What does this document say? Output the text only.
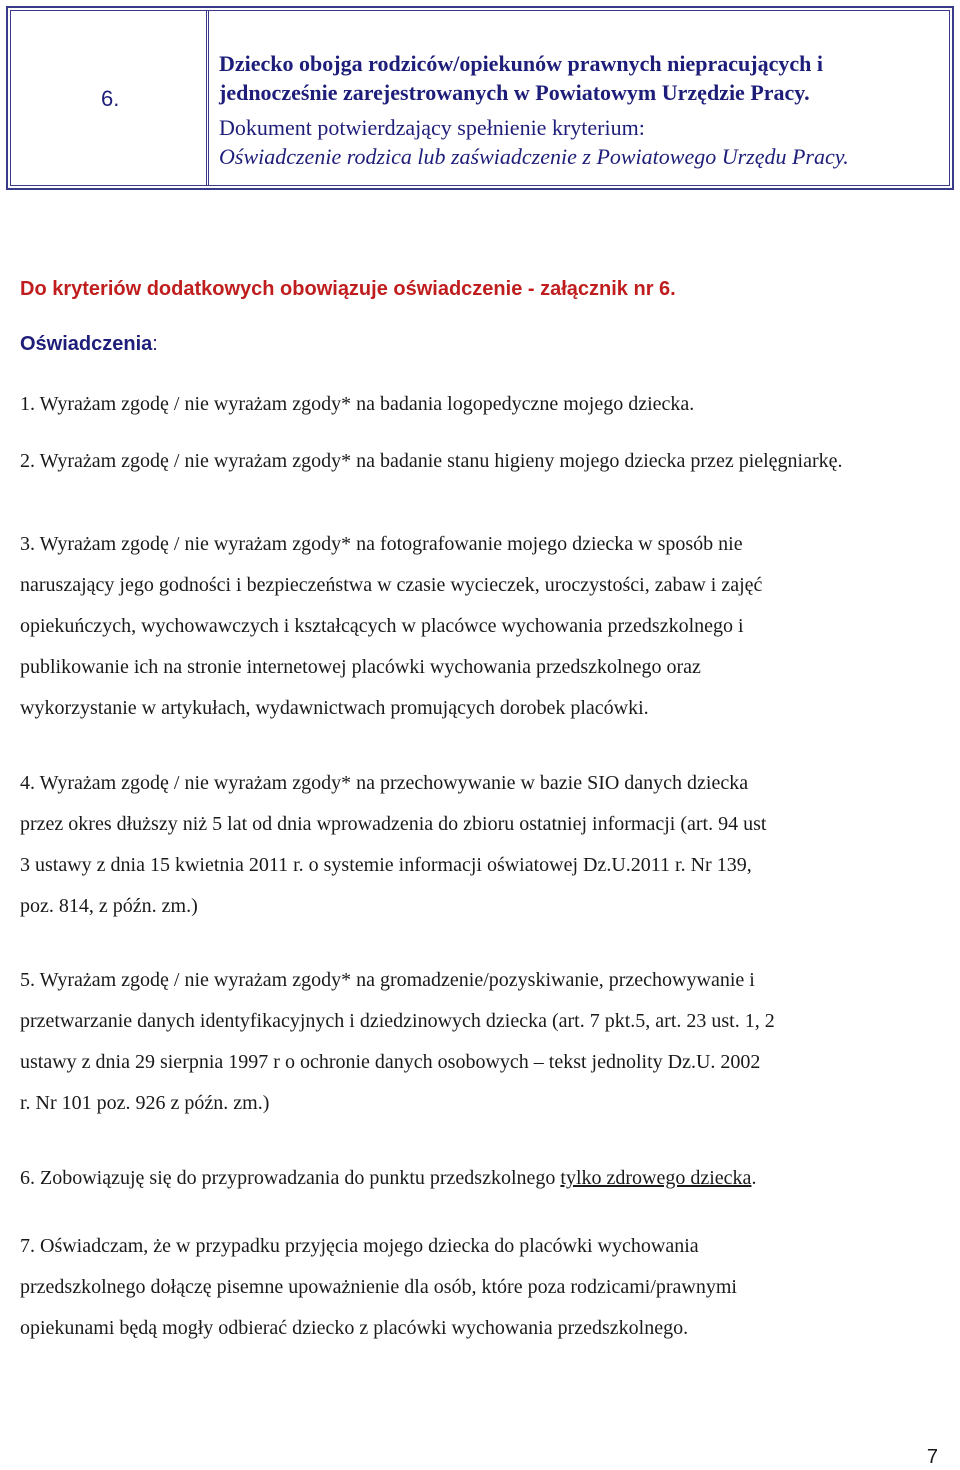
6.
Dziecko obojga rodziców/opiekunów prawnych niepracujących i
jednocześnie zarejestrowanych w Powiatowym Urzędzie Pracy.
Dokument potwierdzający spełnienie kryterium:
Oświadczenie rodzica lub zaświadczenie z Powiatowego Urzędu Pracy.
Do kryteriów dodatkowych obowiązuje oświadczenie - załącznik nr 6.
Oświadczenia:
1. Wyrażam zgodę / nie wyrażam zgody* na badania logopedyczne mojego dziecka.
2. Wyrażam zgodę / nie wyrażam zgody* na badanie stanu higieny mojego dziecka przez pielęgniarkę.
3. Wyrażam zgodę / nie wyrażam zgody* na fotografowanie mojego dziecka w sposób nie
naruszający jego godności i bezpieczeństwa w czasie wycieczek, uroczystości, zabaw i zajęć
opiekuńczych, wychowawczych i kształcących w placówce wychowania przedszkolnego i
publikowanie ich na stronie internetowej placówki wychowania przedszkolnego oraz
wykorzystanie w artykułach, wydawnictwach promujących dorobek placówki.
4. Wyrażam zgodę / nie wyrażam zgody* na przechowywanie w bazie SIO danych dziecka
przez okres dłuższy niż 5 lat od dnia wprowadzenia do zbioru ostatniej informacji (art. 94 ust
3 ustawy z dnia 15 kwietnia 2011 r. o systemie informacji oświatowej Dz.U.2011 r. Nr 139,
poz. 814, z późn. zm.)
5. Wyrażam zgodę / nie wyrażam zgody* na gromadzenie/pozyskiwanie, przechowywanie i
przetwarzanie danych identyfikacyjnych i dziedzinowych dziecka (art. 7 pkt.5, art. 23 ust. 1, 2
ustawy z dnia 29 sierpnia 1997 r o ochronie danych osobowych – tekst jednolity Dz.U. 2002
r. Nr 101 poz. 926 z późn. zm.)
6. Zobowiązuję się do przyprowadzania do punktu przedszkolnego tylko zdrowego dziecka.
7. Oświadczam, że w przypadku przyjęcia mojego dziecka do placówki wychowania
przedszkolnego dołączę pisemne upoważnienie dla osób, które poza rodzicami/prawnymi
opiekunami będą mogły odbierać dziecko z placówki wychowania przedszkolnego.
7
